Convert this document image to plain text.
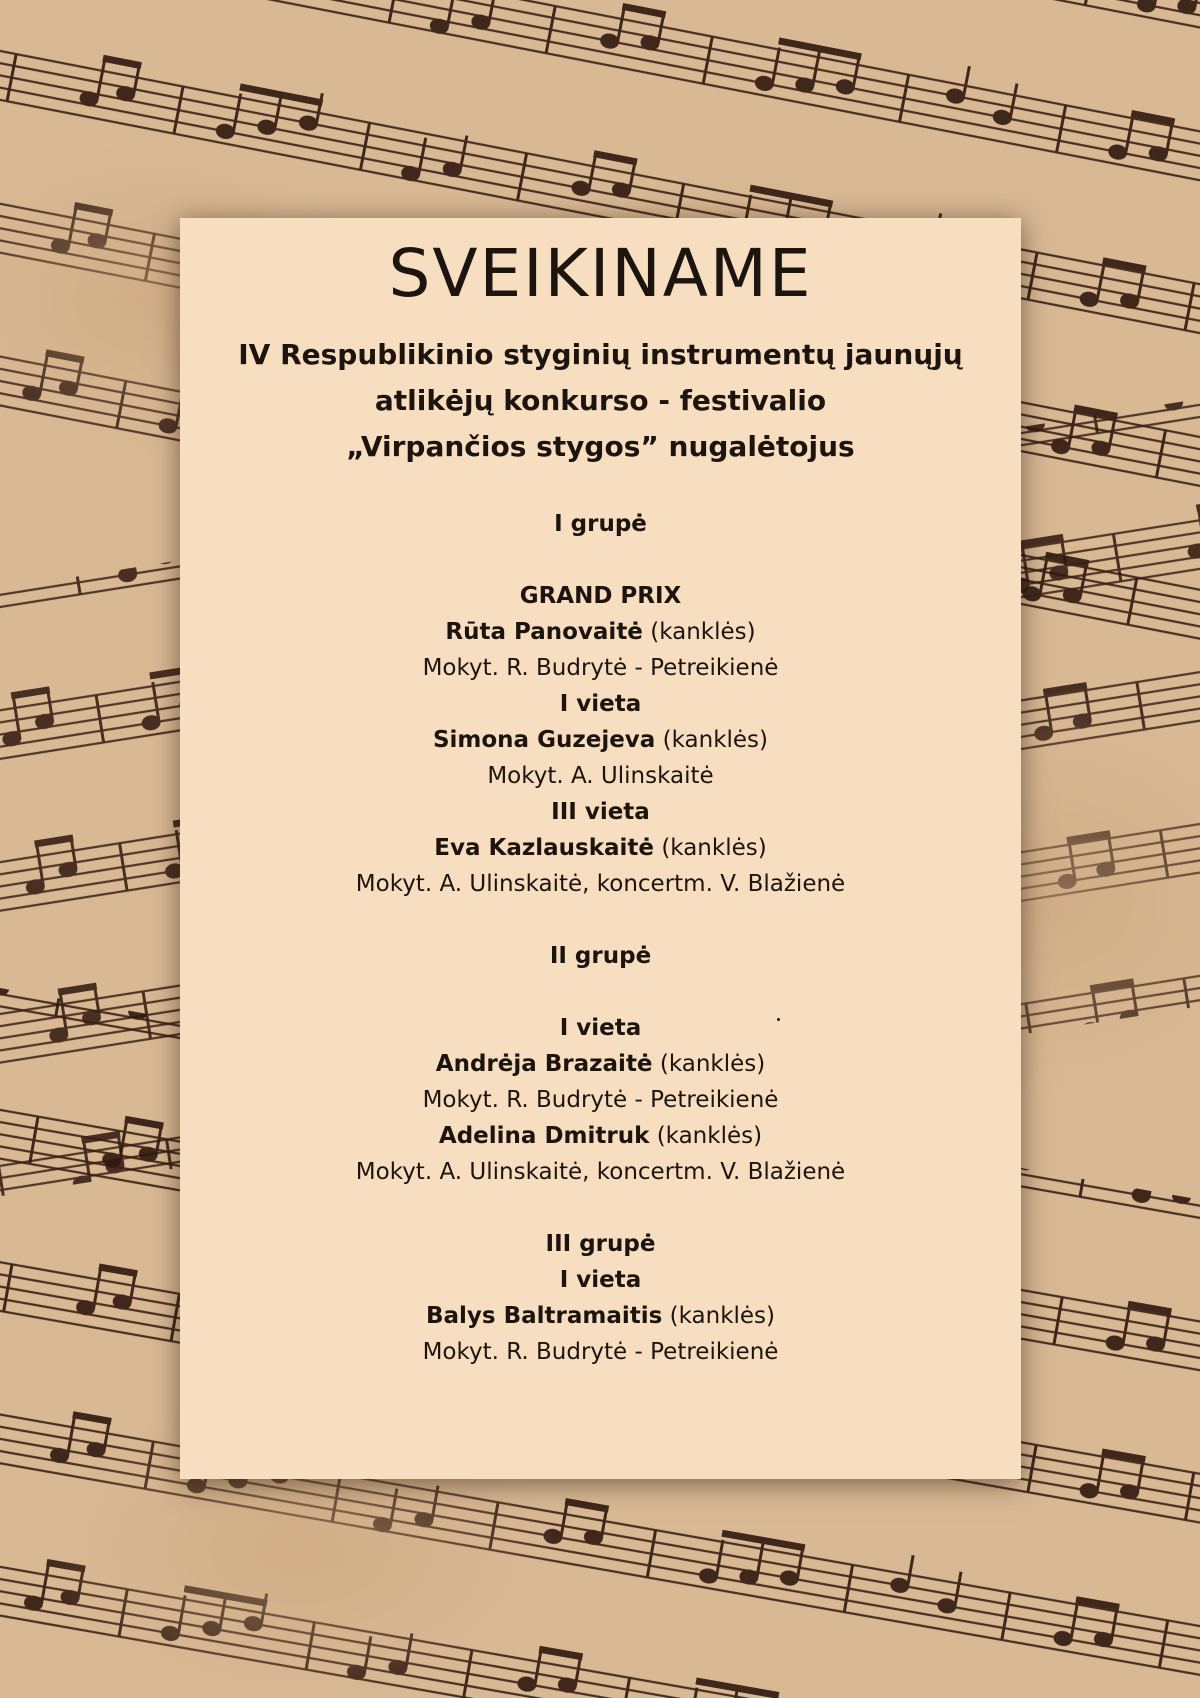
SVEIKINAME
IV Respublikinio styginių instrumentų jaunųjų
atlikėjų konkurso - festivalio
„Virpančios stygos” nugalėtojus
I grupė
GRAND PRIX
Rūta Panovaitė (kanklės)
Mokyt. R. Budrytė - Petreikienė
I vieta
Simona Guzejeva (kanklės)
Mokyt. A. Ulinskaitė
III vieta
Eva Kazlauskaitė (kanklės)
Mokyt. A. Ulinskaitė, koncertm. V. Blažienė
II grupė
I vieta
Andrėja Brazaitė (kanklės)
Mokyt. R. Budrytė - Petreikienė
Adelina Dmitruk (kanklės)
Mokyt. A. Ulinskaitė, koncertm. V. Blažienė
III grupė
I vieta
Balys Baltramaitis (kanklės)
Mokyt. R. Budrytė - Petreikienė
